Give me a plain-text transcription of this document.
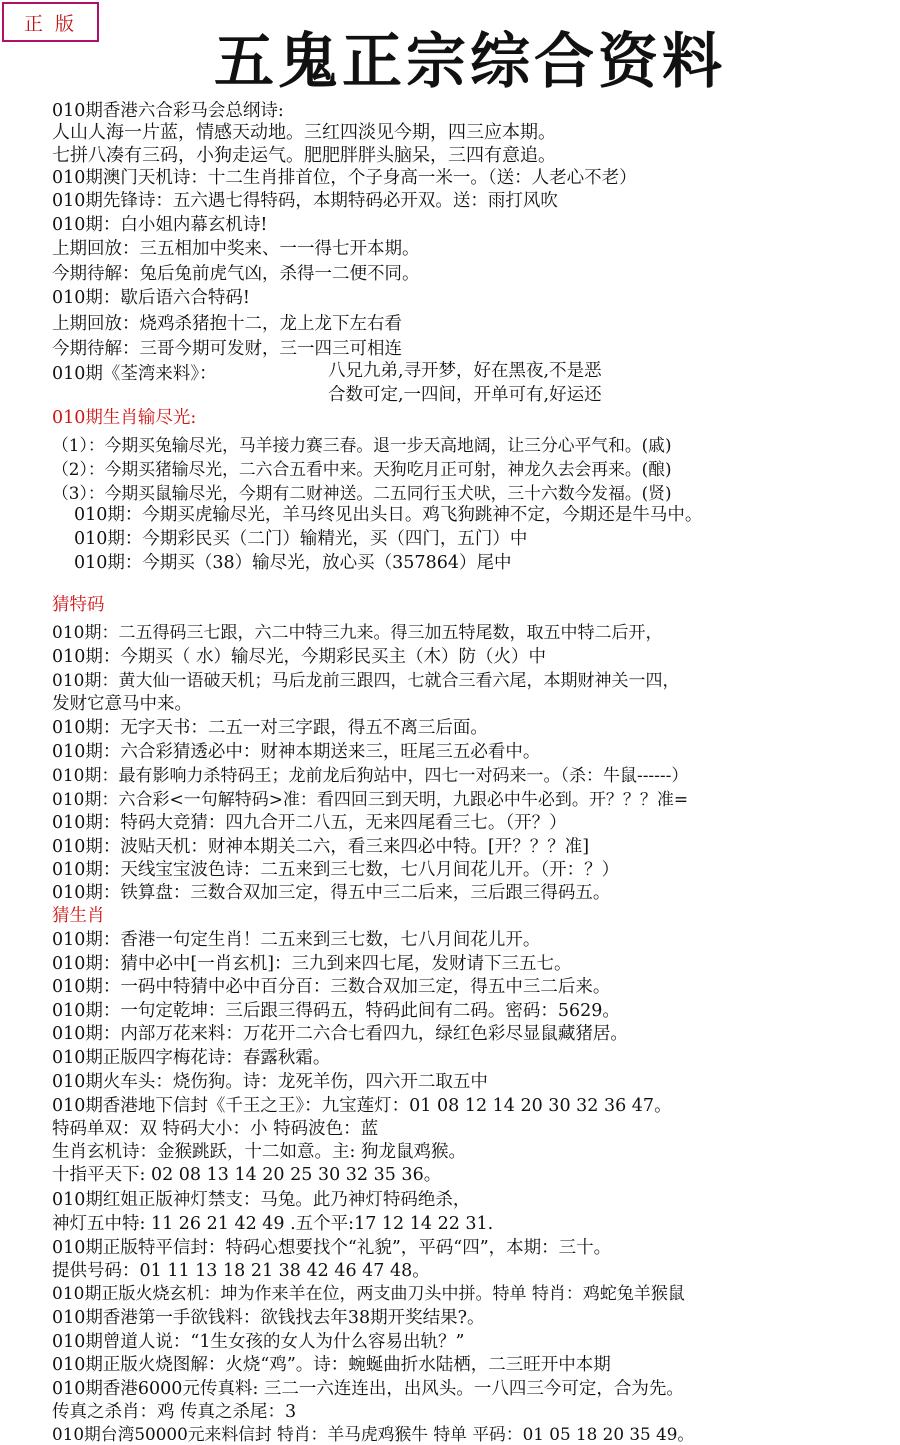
正 版
五鬼正宗综合资料
010期香港六合彩马会总纲诗:
人山人海一片蓝，情感天动地。三红四淡见今期，四三应本期。
七拼八凑有三码，小狗走运气。肥肥胖胖头脑呆，三四有意追。
010期澳门天机诗：十二生肖排首位，个子身高一米一。（送：人老心不老）
010期先锋诗：五六遇七得特码，本期特码必开双。送：雨打风吹
010期：白小姐内幕玄机诗!
上期回放：三五相加中奖来、一一得七开本期。
今期待解：兔后兔前虎气凶，杀得一二便不同。
010期：歇后语六合特码!
上期回放：烧鸡杀猪抱十二，龙上龙下左右看
今期待解：三哥今期可发财，三一四三可相连
010期《荃湾来料》：	八兄九弟,寻开梦，好在黑夜,不是恶
合数可定,一四间，开单可有,好运还
010期生肖输尽光:
（1）：今期买兔输尽光，马羊接力赛三春。退一步天高地阔，让三分心平气和。(戚)
（2）：今期买猪输尽光，二六合五看中来。天狗吃月正可射，神龙久去会再来。(酿)
（3）：今期买鼠输尽光，今期有二财神送。二五同行玉犬吠，三十六数今发福。(贤)
010期：今期买虎输尽光，羊马终见出头日。鸡飞狗跳神不定，今期还是牛马中。
010期：今期彩民买（二门）输精光，买（四门，五门）中
010期：今期买（38）输尽光，放心买（357864）尾中
猜特码
010期：二五得码三七跟，六二中特三九来。得三加五特尾数，取五中特二后开，
010期：今期买（ 水）输尽光，今期彩民买主（木）防（火）中
010期：黄大仙一语破天机；马后龙前三跟四，七就合三看六尾，本期财神关一四，
发财它意马中来。
010期：无字天书：二五一对三字跟，得五不离三后面。
010期：六合彩猜透必中：财神本期送来三，旺尾三五必看中。
010期：最有影响力杀特码王；龙前龙后狗站中，四七一对码来一。（杀：牛鼠------）
010期：六合彩<一句解特码>准：看四回三到天明，九跟必中牛必到。开？？？准=
010期：特码大竞猜：四九合开二八五，无来四尾看三七。（开？）
010期：波贴天机：财神本期关二六，看三来四必中特。[开？？？准]
010期：天线宝宝波色诗：二五来到三七数，七八月间花儿开。（开：？）
010期：铁算盘：三数合双加三定，得五中三二后来，三后跟三得码五。
猜生肖
010期：香港一句定生肖！二五来到三七数，七八月间花儿开。
010期：猜中必中[一肖玄机]：三九到来四七尾，发财请下三五七。
010期：一码中特猜中必中百分百：三数合双加三定，得五中三二后来。
010期：一句定乾坤：三后跟三得码五，特码此间有二码。密码：5629。
010期：内部万花来料：万花开二六合七看四九，绿红色彩尽显鼠藏猪居。
010期正版四字梅花诗：春露秋霜。
010期火车头：烧伤狗。诗：龙死羊伤，四六开二取五中
010期香港地下信封《千王之王》：九宝莲灯：01 08 12 14 20 30 32 36 47。
特码单双：双 特码大小：小 特码波色：蓝
生肖玄机诗：金猴跳跃，十二如意。主: 狗龙鼠鸡猴。
十指平天下: 02 08 13 14 20 25 30 32 35 36。
010期红姐正版神灯禁支：马兔。此乃神灯特码绝杀，
神灯五中特: 11 26 21 42 49 .五个平:17 12 14 22 31.
010期正版特平信封：特码心想要找个“礼貌”，平码“四”，本期：三十。
提供号码：01 11 13 18 21 38 42 46 47 48。
010期正版火烧玄机：坤为作来羊在位，两支曲刀头中拼。特单 特肖：鸡蛇兔羊猴鼠
010期香港第一手欲钱料：欲钱找去年38期开奖结果?。
010期曾道人说：“1生女孩的女人为什么容易出轨？”
010期正版火烧图解：火烧“鸡”。诗：蜿蜒曲折水陆栖，二三旺开中本期
010期香港6000元传真料: 三二一六连连出，出风头。一八四三今可定，合为先。
传真之杀肖：鸡 传真之杀尾：3
010期台湾50000元来料信封 特肖：羊马虎鸡猴牛 特单 平码：01 05 18 20 35 49。
